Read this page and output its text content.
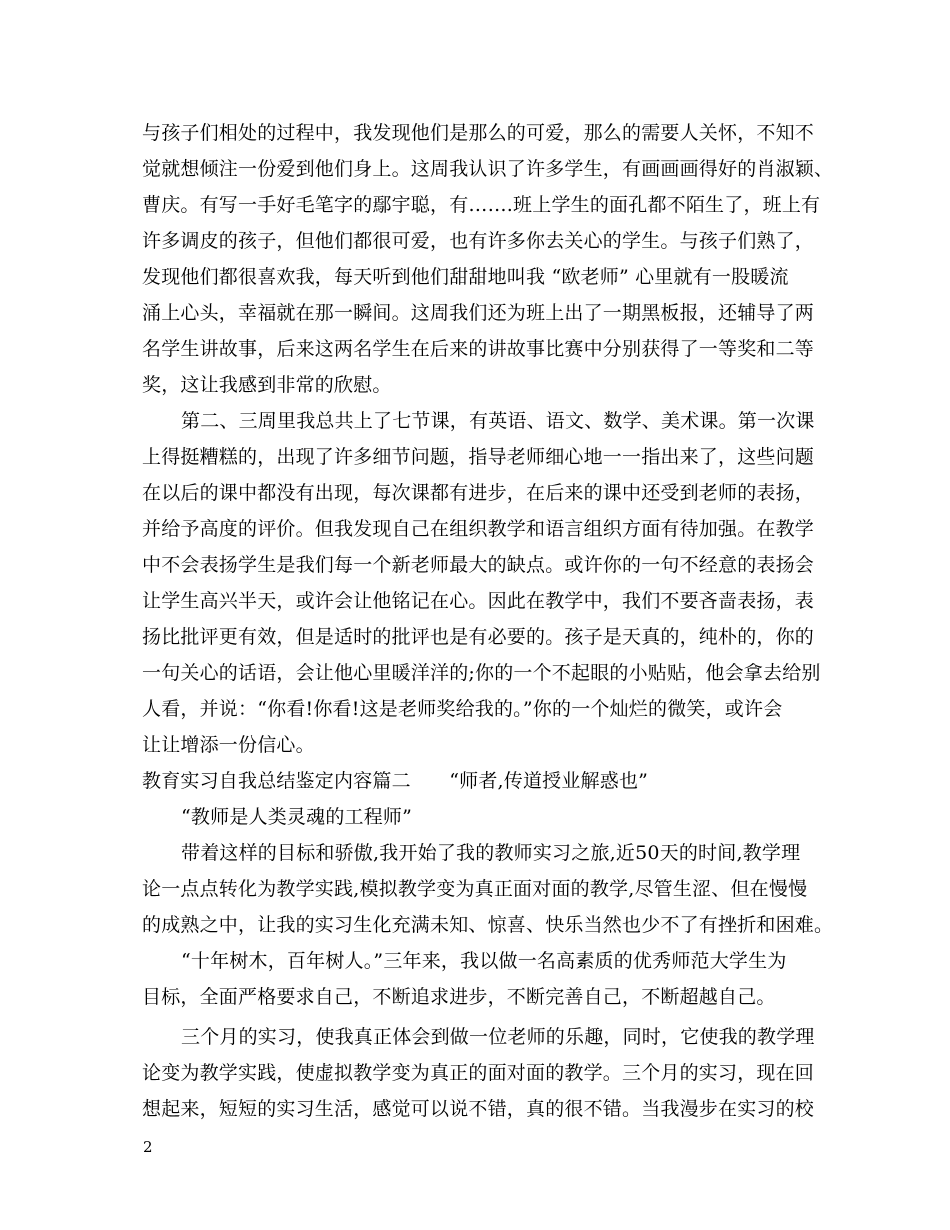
与孩子们相处的过程中，我发现他们是那么的可爱，那么的需要人关怀，不知不
觉就想倾注一份爱到他们身上。这周我认识了许多学生，有画画画得好的肖淑颖、
曹庆。有写一手好毛笔字的鄢宇聪，有…….班上学生的面孔都不陌生了，班上有
许多调皮的孩子，但他们都很可爱，也有许多你去关心的学生。与孩子们熟了，
发现他们都很喜欢我，每天听到他们甜甜地叫我 “欧老师” 心里就有一股暖流
涌上心头，幸福就在那一瞬间。这周我们还为班上出了一期黑板报，还辅导了两
名学生讲故事，后来这两名学生在后来的讲故事比赛中分别获得了一等奖和二等
奖，这让我感到非常的欣慰。
第二、三周里我总共上了七节课，有英语、语文、数学、美术课。第一次课
上得挺糟糕的，出现了许多细节问题，指导老师细心地一一指出来了，这些问题
在以后的课中都没有出现，每次课都有进步，在后来的课中还受到老师的表扬，
并给予高度的评价。但我发现自己在组织教学和语言组织方面有待加强。在教学
中不会表扬学生是我们每一个新老师最大的缺点。或许你的一句不经意的表扬会
让学生高兴半天，或许会让他铭记在心。因此在教学中，我们不要吝啬表扬，表
扬比批评更有效，但是适时的批评也是有必要的。孩子是天真的，纯朴的，你的
一句关心的话语，会让他心里暖洋洋的;你的一个不起眼的小贴贴，他会拿去给别
人看，并说：“你看!你看!这是老师奖给我的。”你的一个灿烂的微笑，或许会
让让增添一份信心。
教育实习自我总结鉴定内容篇二　　“师者,传道授业解惑也”
“教师是人类灵魂的工程师”
带着这样的目标和骄傲,我开始了我的教师实习之旅,近50天的时间,教学理
论一点点转化为教学实践,模拟教学变为真正面对面的教学,尽管生涩、但在慢慢
的成熟之中，让我的实习生化充满未知、惊喜、快乐当然也少不了有挫折和困难。
“十年树木，百年树人。”三年来，我以做一名高素质的优秀师范大学生为
目标，全面严格要求自己，不断追求进步，不断完善自己，不断超越自己。
三个月的实习，使我真正体会到做一位老师的乐趣，同时，它使我的教学理
论变为教学实践，使虚拟教学变为真正的面对面的教学。三个月的实习，现在回
想起来，短短的实习生活，感觉可以说不错，真的很不错。当我漫步在实习的校
2
